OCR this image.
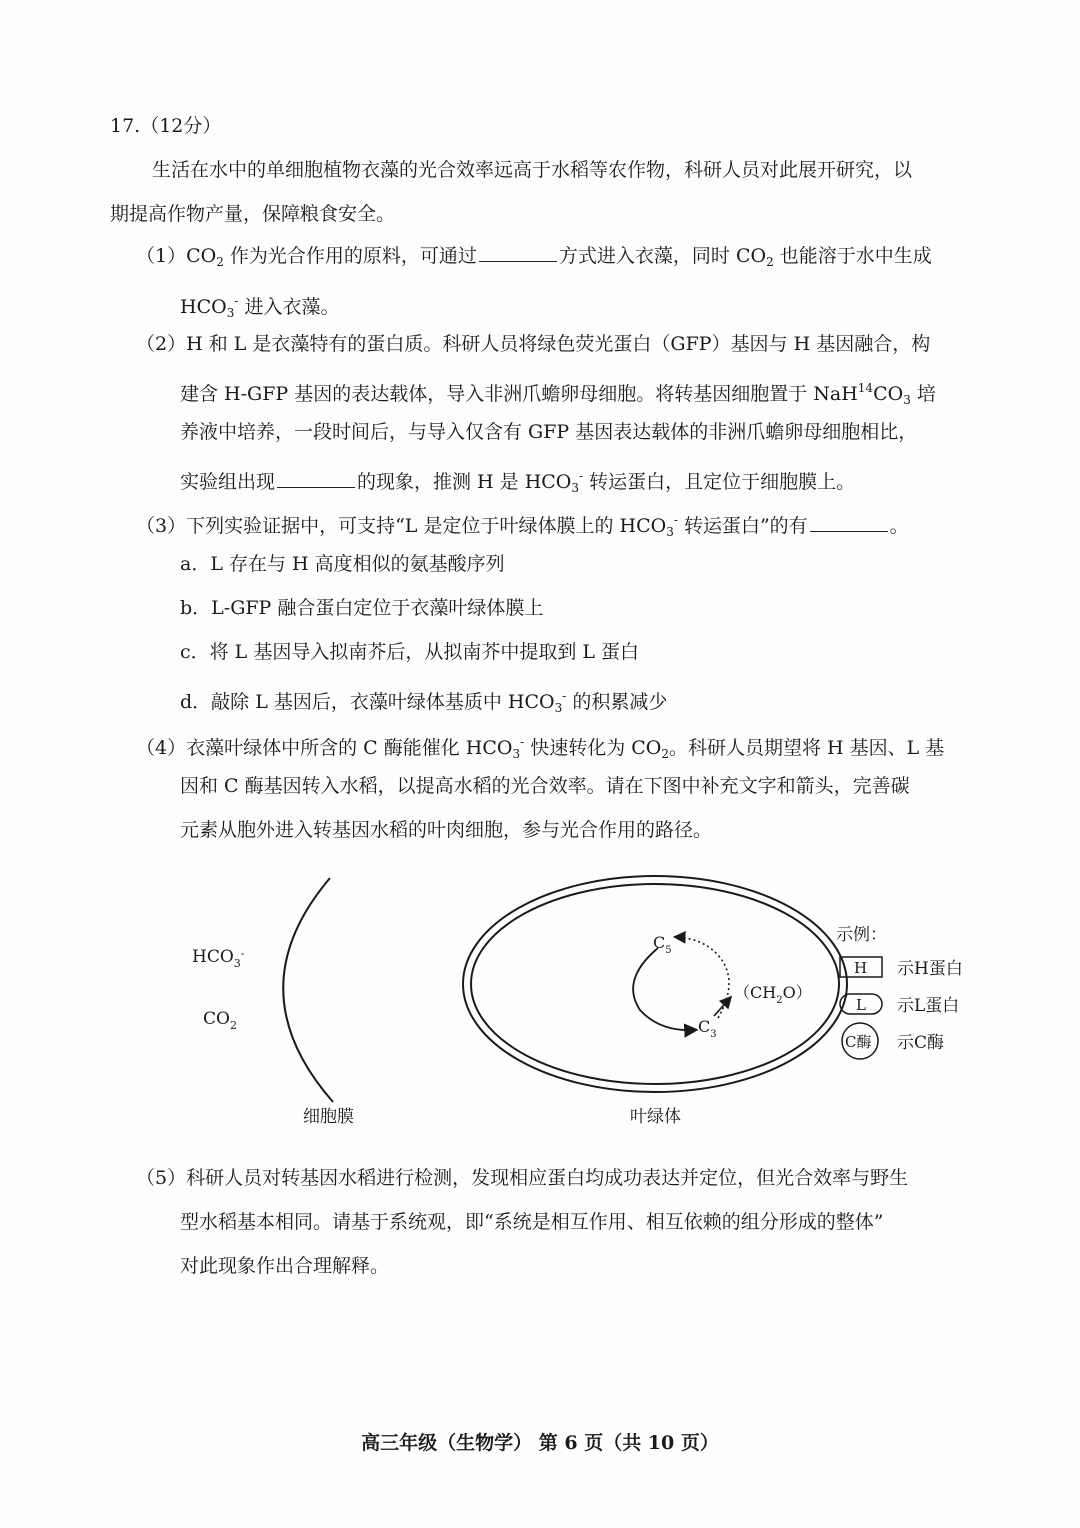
17.（12分）
生活在水中的单细胞植物衣藻的光合效率远高于水稻等农作物，科研人员对此展开研究，以
期提高作物产量，保障粮食安全。
$(1)CO_2$ 作为光合作用的原料，可通过	方式进入衣藻，同时 $CO_2$ 也能溶于水中生成
$HCO_3^-$ 进入衣藻。
（2）H 和 L 是衣藻特有的蛋白质。科研人员将绿色荧光蛋白（GFP）基因与 H 基因融合，构
建含 H-GFP 基因的表达载体，导入非洲爪蟾卵母细胞。将转基因细胞置于 $NaH^{14}CO_3$ 培
养液中培养，一段时间后，与导入仅含有 GFP 基因表达载体的非洲爪蟾卵母细胞相比，
实验组出现	的现象，推测 H 是 $HCO_3^-$ 转运蛋白，且定位于细胞膜上。
（3）下列实验证据中，可支持“L 是定位于叶绿体膜上的 $HCO_3^-$ 转运蛋白”的有	。
a．L 存在与 H 高度相似的氨基酸序列
b．L-GFP 融合蛋白定位于衣藻叶绿体膜上
c．将 L 基因导入拟南芥后，从拟南芥中提取到 L 蛋白
d．敲除 L 基因后，衣藻叶绿体基质中 $HCO_3^-$ 的积累减少
（4）衣藻叶绿体中所含的 C 酶能催化 $HCO_3^-$ 快速转化为 $CO_2$。科研人员期望将 H 基因、L 基
因和 C 酶基因转入水稻，以提高水稻的光合效率。请在下图中补充文字和箭头，完善碳
元素从胞外进入转基因水稻的叶肉细胞，参与光合作用的路径。
$HCO_3^-$
$CO_2$
细胞膜	叶绿体
$C_5$
$C_3$
$(CH_2O)$
示例：
H 示H蛋白
L 示L蛋白
C酶 示C酶
（5）科研人员对转基因水稻进行检测，发现相应蛋白均成功表达并定位，但光合效率与野生
型水稻基本相同。请基于系统观，即“系统是相互作用、相互依赖的组分形成的整体”
对此现象作出合理解释。
高三年级（生物学） 第 6 页（共 10 页）
